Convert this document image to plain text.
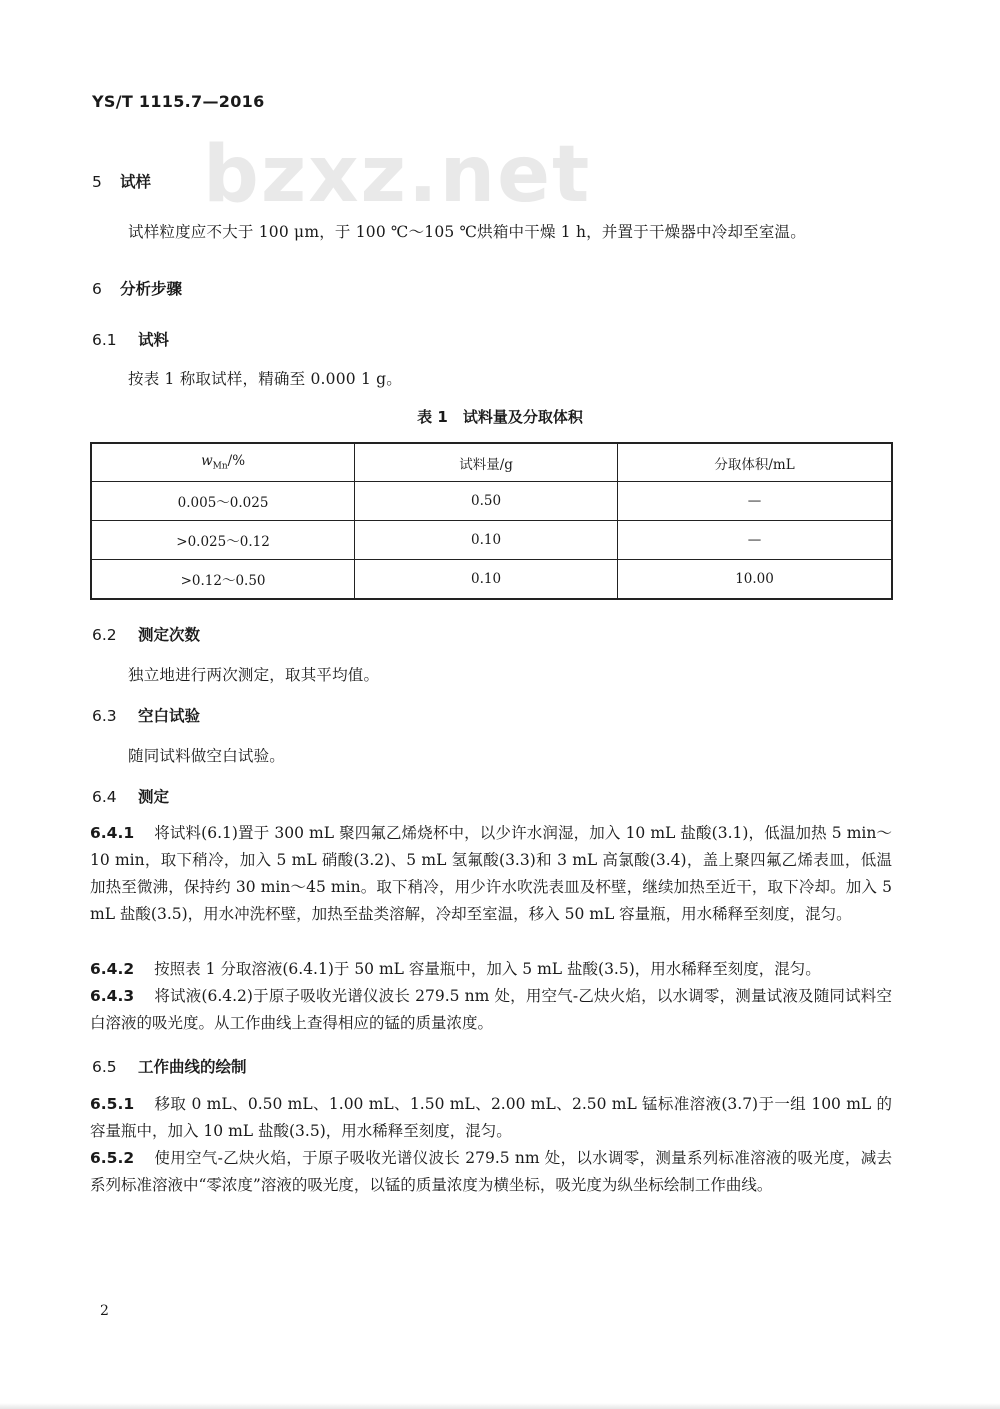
YS/T 1115.7—2016
bzxz.net
5 试样
试样粒度应不大于 100 μm，于 100 ℃～105 ℃烘箱中干燥 1 h，并置于干燥器中冷却至室温。
6 分析步骤
6.1 试料
按表 1 称取试样，精确至 0.000 1 g。
表 1　试料量及分取体积
$w_{Mn}/\%$	试料量/g	分取体积/mL
0.005～0.025	0.50	—
>0.025～0.12	0.10	—
>0.12～0.50	0.10	10.00
6.2 测定次数
独立地进行两次测定，取其平均值。
6.3 空白试验
随同试料做空白试验。
6.4 测定
6.4.1 将试料(6.1)置于 300 mL 聚四氟乙烯烧杯中，以少许水润湿，加入 10 mL 盐酸(3.1)，低温加热 5 min～10 min，取下稍冷，加入 5 mL 硝酸(3.2)、5 mL 氢氟酸(3.3)和 3 mL 高氯酸(3.4)，盖上聚四氟乙烯表皿，低温加热至微沸，保持约 30 min～45 min。取下稍冷，用少许水吹洗表皿及杯壁，继续加热至近干，取下冷却。加入 5 mL 盐酸(3.5)，用水冲洗杯壁，加热至盐类溶解，冷却至室温，移入 50 mL 容量瓶，用水稀释至刻度，混匀。
6.4.2 按照表 1 分取溶液(6.4.1)于 50 mL 容量瓶中，加入 5 mL 盐酸(3.5)，用水稀释至刻度，混匀。
6.4.3 将试液(6.4.2)于原子吸收光谱仪波长 279.5 nm 处，用空气-乙炔火焰，以水调零，测量试液及随同试料空白溶液的吸光度。从工作曲线上查得相应的锰的质量浓度。
6.5 工作曲线的绘制
6.5.1 移取 0 mL、0.50 mL、1.00 mL、1.50 mL、2.00 mL、2.50 mL 锰标准溶液(3.7)于一组 100 mL 的容量瓶中，加入 10 mL 盐酸(3.5)，用水稀释至刻度，混匀。
6.5.2 使用空气-乙炔火焰，于原子吸收光谱仪波长 279.5 nm 处，以水调零，测量系列标准溶液的吸光度，减去系列标准溶液中“零浓度”溶液的吸光度，以锰的质量浓度为横坐标，吸光度为纵坐标绘制工作曲线。
2
